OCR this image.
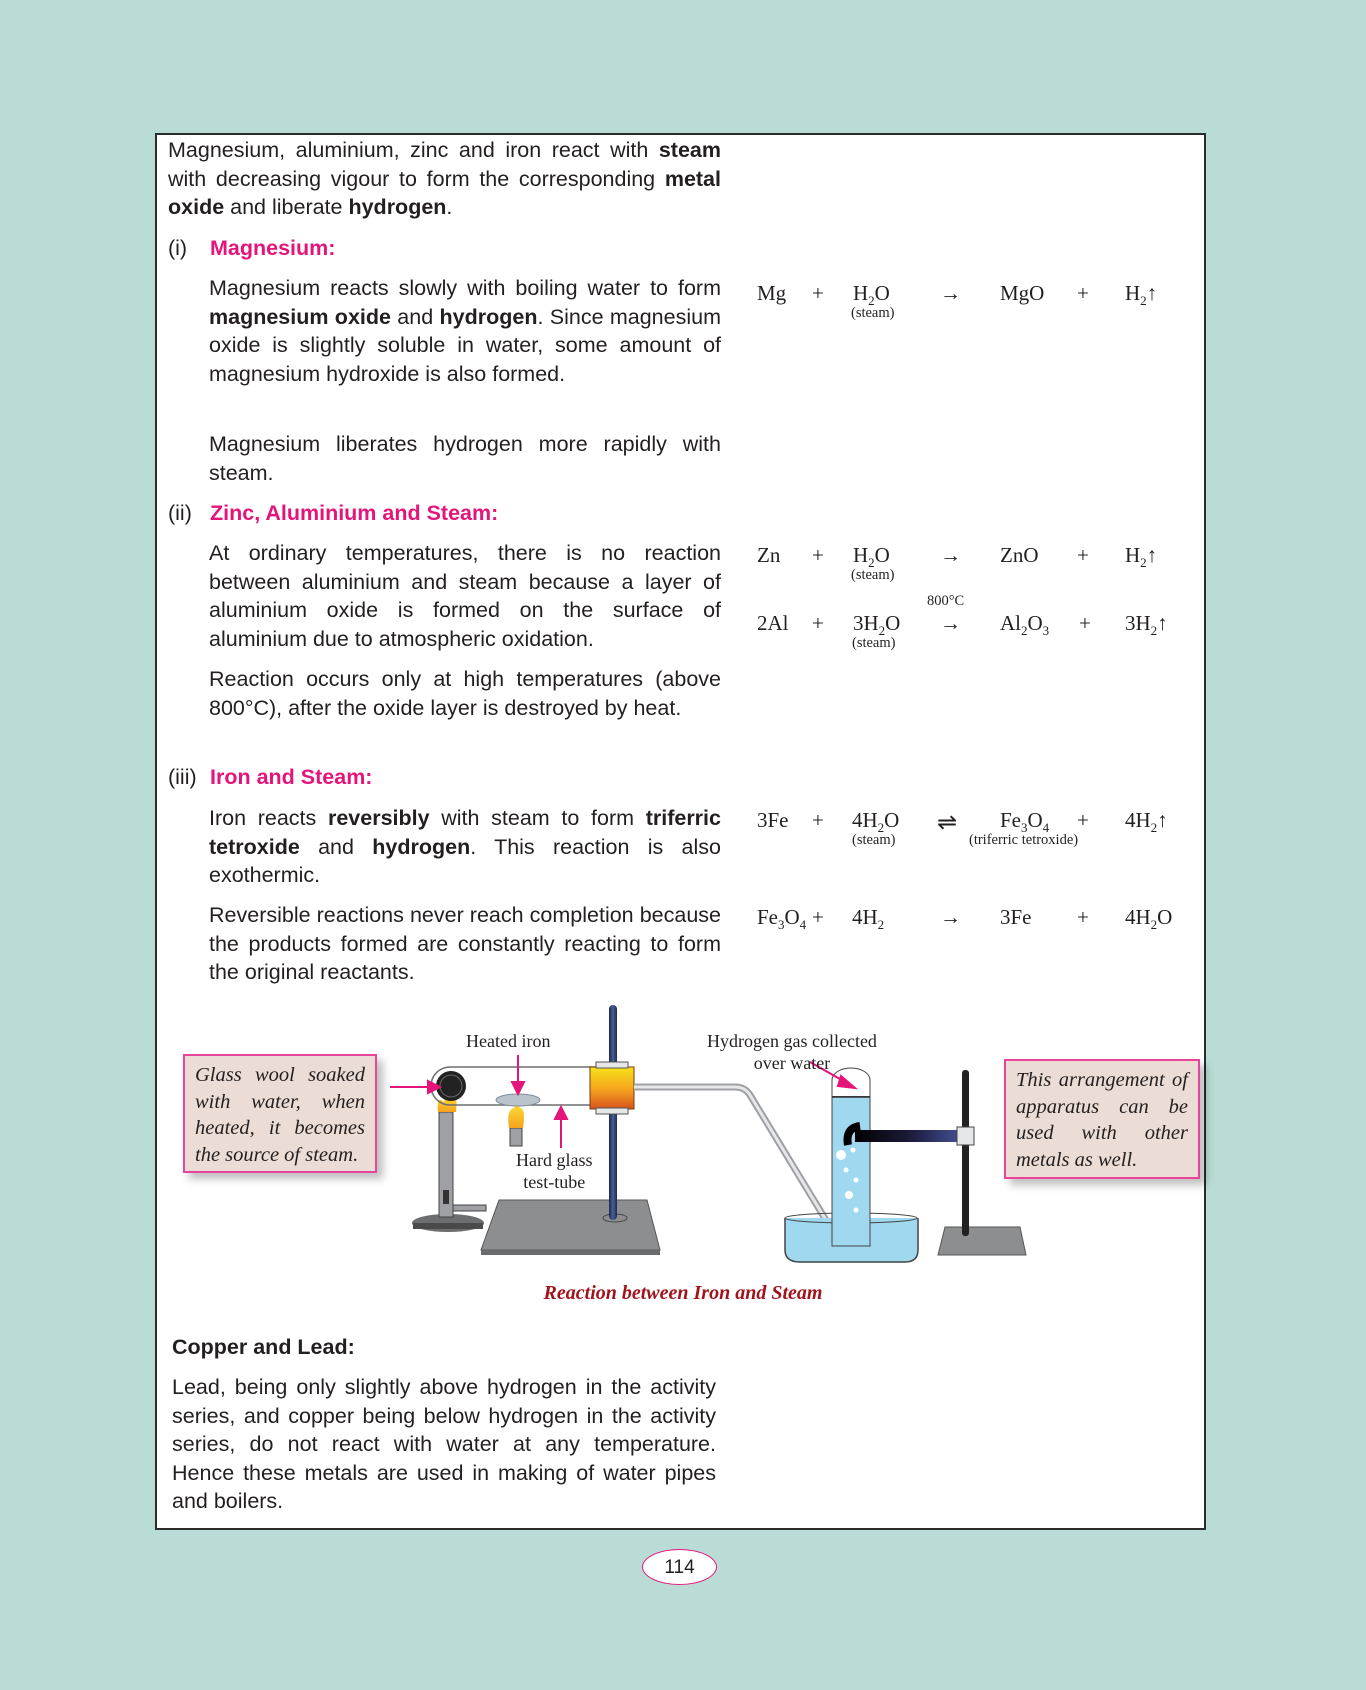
Magnesium, aluminium, zinc and iron react with steam with decreasing vigour to form the corresponding metal oxide and liberate hydrogen.
(i) Magnesium:
Magnesium reacts slowly with boiling water to form magnesium oxide and hydrogen. Since magnesium oxide is slightly soluble in water, some amount of magnesium hydroxide is also formed.
Magnesium liberates hydrogen more rapidly with steam.
(ii) Zinc, Aluminium and Steam:
At ordinary temperatures, there is no reaction between aluminium and steam because a layer of aluminium oxide is formed on the surface of aluminium due to atmospheric oxidation.
Reaction occurs only at high temperatures (above 800°C), after the oxide layer is destroyed by heat.
(iii) Iron and Steam:
Iron reacts reversibly with steam to form triferric tetroxide and hydrogen. This reaction is also exothermic.
Reversible reactions never reach completion because the products formed are constantly reacting to form the original reactants.
$Mg + H_2O$
(steam)
→ MgO + $H_2↑$
$Zn + H_2O$
(steam)
→ ZnO + $H_2↑$
$2Al + 3H_2O$
(steam)
800°C
→ $Al_2O_3$ + $3H_2↑$
$3Fe + 4H_2O$
(steam)
⇌ $Fe_3O_4$
(triferric tetroxide)
+ $4H_2↑$
$Fe_3O_4 + 4H_2$	→ $3Fe + 4H_2O$
Glass wool soaked with water, when heated, it becomes the source of steam.
This arrangement of apparatus can be used with other metals as well.
Heated iron
Hard glass
test-tube
Hydrogen gas collected
over water
Reaction between Iron and Steam
Copper and Lead:
Lead, being only slightly above hydrogen in the activity series, and copper being below hydrogen in the activity series, do not react with water at any temperature. Hence these metals are used in making of water pipes and boilers.
114
